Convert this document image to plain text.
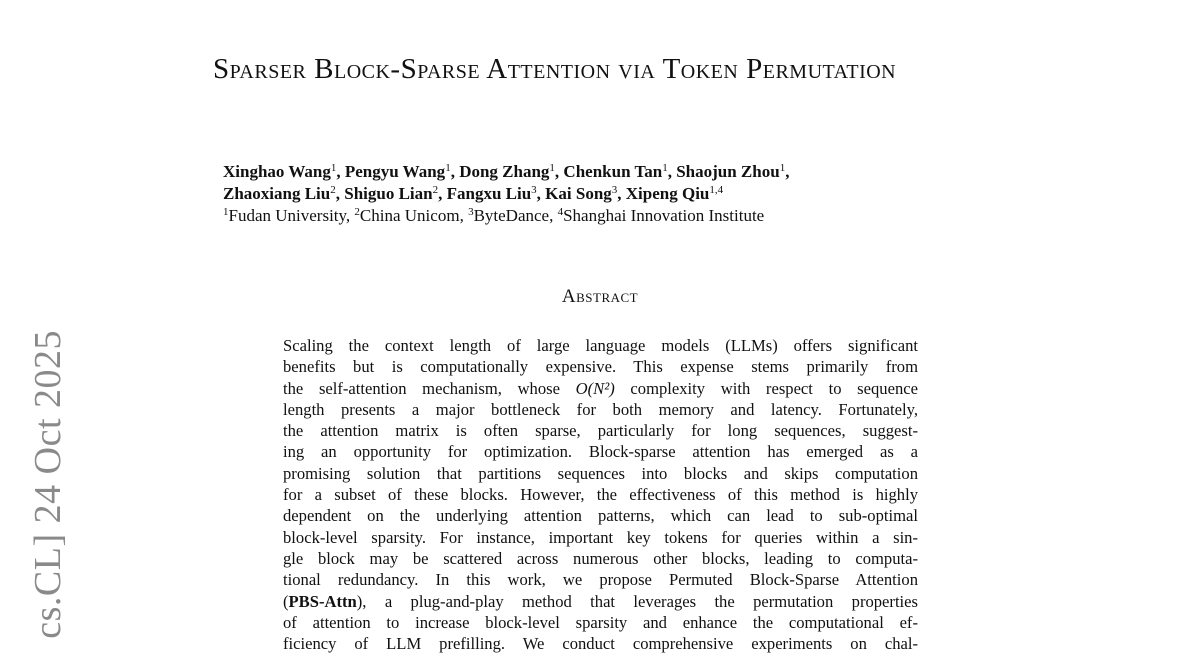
cs.CL] 24 Oct 2025
Sparser Block-Sparse Attention via Token Permutation
Xinghao Wang$^1$, Pengyu Wang$^1$, Dong Zhang$^1$, Chenkun Tan$^1$, Shaojun Zhou$^1$,
Zhaoxiang Liu$^2$, Shiguo Lian$^2$, Fangxu Liu$^3$, Kai Song$^3$, Xipeng Qiu$^{1,4}$
$^1$Fudan University, $^2$China Unicom, $^3$ByteDance, $^4$Shanghai Innovation Institute
Abstract
Scaling the context length of large language models (LLMs) offers significant
benefits but is computationally expensive. This expense stems primarily from
the self-attention mechanism, whose O(N²) complexity with respect to sequence
length presents a major bottleneck for both memory and latency. Fortunately,
the attention matrix is often sparse, particularly for long sequences, suggest-
ing an opportunity for optimization. Block-sparse attention has emerged as a
promising solution that partitions sequences into blocks and skips computation
for a subset of these blocks. However, the effectiveness of this method is highly
dependent on the underlying attention patterns, which can lead to sub-optimal
block-level sparsity. For instance, important key tokens for queries within a sin-
gle block may be scattered across numerous other blocks, leading to computa-
tional redundancy. In this work, we propose Permuted Block-Sparse Attention
(PBS-Attn), a plug-and-play method that leverages the permutation properties
of attention to increase block-level sparsity and enhance the computational ef-
ficiency of LLM prefilling. We conduct comprehensive experiments on chal-
